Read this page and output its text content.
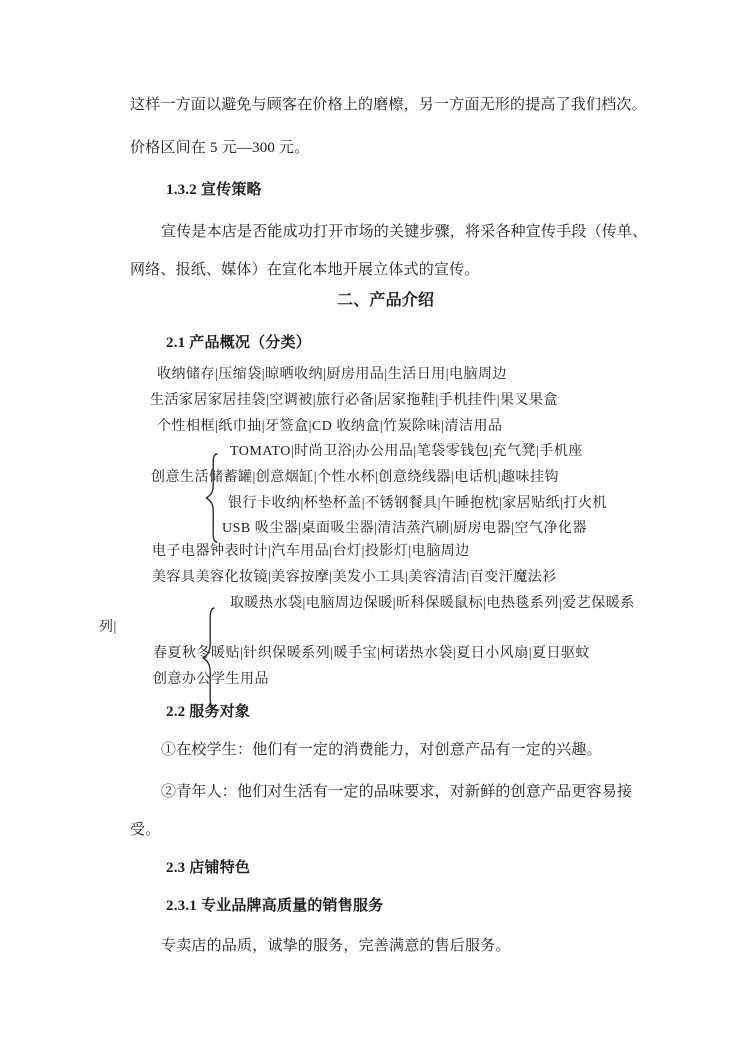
这样一方面以避免与顾客在价格上的磨檫，另一方面无形的提高了我们档次。
价格区间在 5 元—300 元。
1.3.2 宣传策略
宣传是本店是否能成功打开市场的关键步骤，将采各种宣传手段（传单、
网络、报纸、媒体）在宣化本地开展立体式的宣传。
二、产品介绍
2.1 产品概况（分类）
收纳储存|压缩袋|晾晒收纳|厨房用品|生活日用|电脑周边
生活家居家居挂袋|空调被|旅行必备|居家拖鞋|手机挂件|果叉果盒
个性相框|纸巾抽|牙签盒|CD 收纳盒|竹炭除味|清洁用品
TOMATO|时尚卫浴|办公用品|笔袋零钱包|充气凳|手机座
创意生活储蓄罐|创意烟缸|个性水杯|创意绕线器|电话机|趣味挂钩
银行卡收纳|杯垫杯盖|不锈钢餐具|午睡抱枕|家居贴纸|打火机
USB 吸尘器|桌面吸尘器|清洁蒸汽刷|厨房电器|空气净化器
电子电器钟表时计|汽车用品|台灯|投影灯|电脑周边
美容具美容化妆镜|美容按摩|美发小工具|美容清洁|百变汗魔法衫
取暖热水袋|电脑周边保暖|昕科保暖鼠标|电热毯系列|爱艺保暖系
列|
春夏秋冬暖贴|针织保暖系列|暖手宝|柯诺热水袋|夏日小风扇|夏日驱蚊
创意办公学生用品
2.2 服务对象
①在校学生：他们有一定的消费能力，对创意产品有一定的兴趣。
②青年人：他们对生活有一定的品味要求，对新鲜的创意产品更容易接
受。
2.3 店铺特色
2.3.1 专业品牌高质量的销售服务
专卖店的品质，诚挚的服务，完善满意的售后服务。
